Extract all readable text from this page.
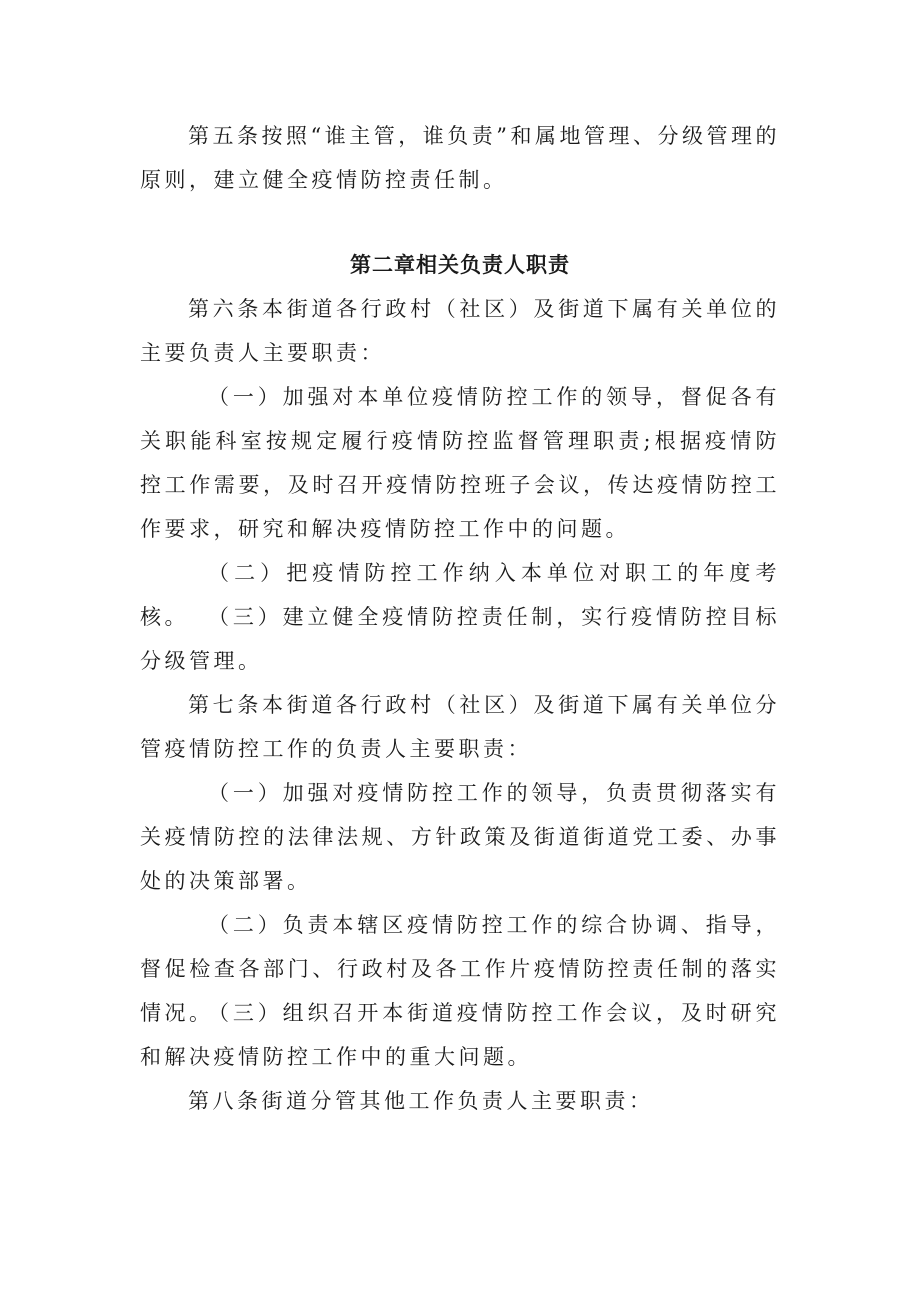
第五条按照“谁主管，谁负责”和属地管理、分级管理的原则，建立健全疫情防控责任制。

第二章相关负责人职责

第六条本街道各行政村（社区）及街道下属有关单位的主要负责人主要职责：

（一）加强对本单位疫情防控工作的领导，督促各有关职能科室按规定履行疫情防控监督管理职责;根据疫情防控工作需要，及时召开疫情防控班子会议，传达疫情防控工作要求，研究和解决疫情防控工作中的问题。

（二）把疫情防控工作纳入本单位对职工的年度考核。 （三）建立健全疫情防控责任制，实行疫情防控目标分级管理。

第七条本街道各行政村（社区）及街道下属有关单位分管疫情防控工作的负责人主要职责：

（一）加强对疫情防控工作的领导，负责贯彻落实有关疫情防控的法律法规、方针政策及街道街道党工委、办事处的决策部署。

（二）负责本辖区疫情防控工作的综合协调、指导，督促检查各部门、行政村及各工作片疫情防控责任制的落实情况。

（三）组织召开本街道疫情防控工作会议，及时研究和解决疫情防控工作中的重大问题。

第八条街道分管其他工作负责人主要职责：
